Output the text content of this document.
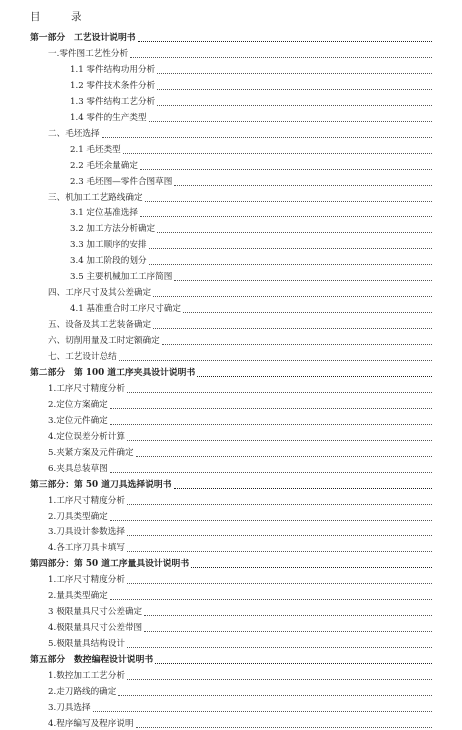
目　录
第一部分　工艺设计说明书
一.零件图工艺性分析
1.1 零件结构功用分析
1.2 零件技术条件分析
1.3 零件结构工艺分析
1.4 零件的生产类型
二、毛坯选择
2.1 毛坯类型
2.2 毛坯余量确定
2.3 毛坯图—零件合图草图
三、机加工工艺路线确定
3.1 定位基准选择
3.2 加工方法分析确定
3.3 加工顺序的安排
3.4 加工阶段的划分
3.5 主要机械加工工序简图
四、工序尺寸及其公差确定
4.1 基准重合时工序尺寸确定
五、设备及其工艺装备确定
六、切削用量及工时定额确定
七、工艺设计总结
第二部分　第 100 道工序夹具设计说明书
1.工序尺寸精度分析
2.定位方案确定
3.定位元件确定
4.定位误差分析计算
5.夹紧方案及元件确定
6.夹具总装草图
第三部分：第 50 道刀具选择说明书
1.工序尺寸精度分析
2.刀具类型确定
3.刀具设计参数选择
4.各工序刀具卡填写
第四部分：第 50 道工序量具设计说明书
1.工序尺寸精度分析
2.量具类型确定
3 极限量具尺寸公差确定
4.极限量具尺寸公差带图
5.极限量具结构设计
第五部分　数控编程设计说明书
1.数控加工工艺分析
2.走刀路线的确定
3.刀具选择
4.程序编写及程序说明
